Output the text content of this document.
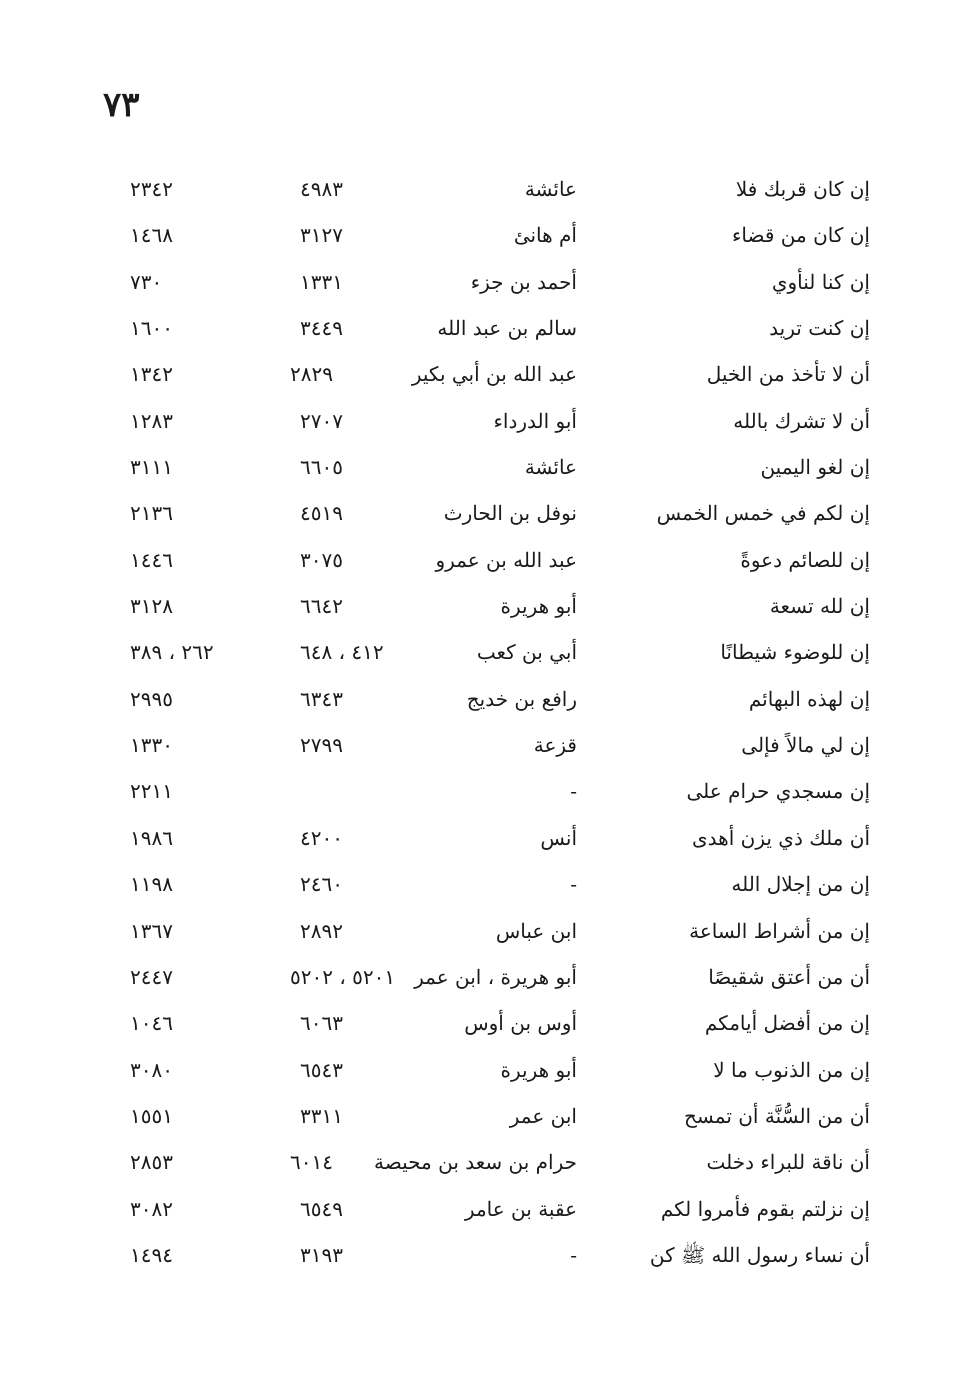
٧٣
إن كان قربك فلا
عائشة
٤٩٨٣
٢٣٤٢
إن كان من قضاء
أم هانئ
٣١٢٧
١٤٦٨
إن كنا لنأوي
أحمد بن جزء
١٣٣١
٧٣٠
إن كنت تريد
سالم بن عبد الله
٣٤٤٩
١٦٠٠
أن لا تأخذ من الخيل
عبد الله بن أبي بكير
٢٨٢٩
١٣٤٢
أن لا تشرك بالله
أبو الدرداء
٢٧٠٧
١٢٨٣
إن لغو اليمين
عائشة
٦٦٠٥
٣١١١
إن لكم في خمس الخمس
نوفل بن الحارث
٤٥١٩
٢١٣٦
إن للصائم دعوةً
عبد الله بن عمرو
٣٠٧٥
١٤٤٦
إن لله تسعة
أبو هريرة
٦٦٤٢
٣١٢٨
إن للوضوء شيطانًا
أبي بن كعب
٤١٢ ، ٦٤٨
٢٦٢ ، ٣٨٩
إن لهذه البهائم
رافع بن خديج
٦٣٤٣
٢٩٩٥
إن لي مالاً فإلى
قزعة
٢٧٩٩
١٣٣٠
إن مسجدي حرام على
-
٢٢١١
أن ملك ذي يزن أهدى
أنس
٤٢٠٠
١٩٨٦
إن من إجلال الله
-
٢٤٦٠
١١٩٨
إن من أشراط الساعة
ابن عباس
٢٨٩٢
١٣٦٧
أن من أعتق شقيصًا
أبو هريرة ، ابن عمر
٥٢٠١ ، ٥٢٠٢
٢٤٤٧
إن من أفضل أيامكم
أوس بن أوس
٦٠٦٣
١٠٤٦
إن من الذنوب ما لا
أبو هريرة
٦٥٤٣
٣٠٨٠
أن من السُّنَّة أن تمسح
ابن عمر
٣٣١١
١٥٥١
أن ناقة للبراء دخلت
حرام بن سعد بن محيصة
٦٠١٤
٢٨٥٣
إن نزلتم بقوم فأمروا لكم
عقبة بن عامر
٦٥٤٩
٣٠٨٢
أن نساء رسول الله ﷺ كن
-
٣١٩٣
١٤٩٤
